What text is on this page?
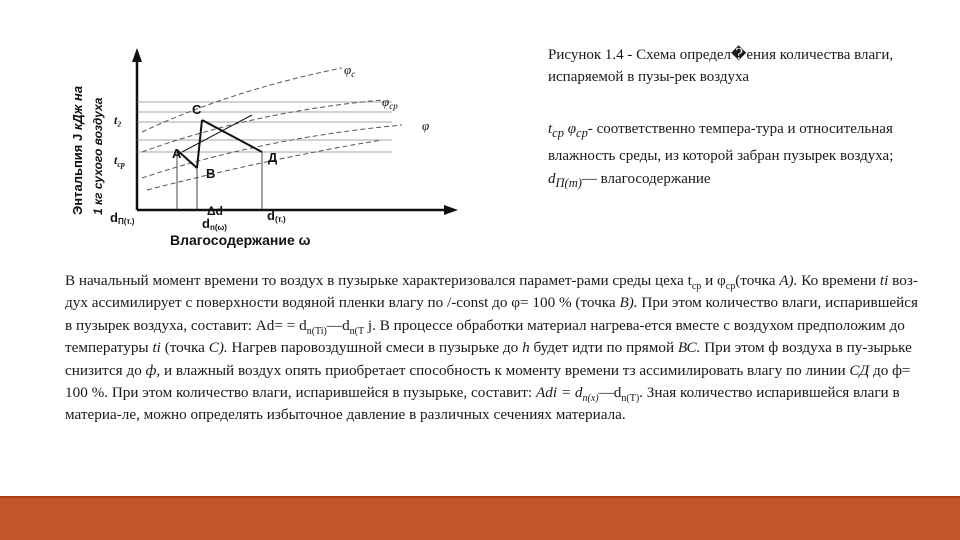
Энтальпия J кДж на 1 кг сухого воздуха
Влагосодержание ω
$\varphi_с$
$\varphi_{ср}$
φ
t₂
$t_{ср}$
С
A
В
Д
dП(т.)
Δd
dn(ω)
d(т.)
Рисунок 1.4 - Схема определ�ения количества влаги, испаряемой в пузы-рек воздуха
$t_{ср}$ $\varphi_{ср}-$ соответственно темпера-тура и относительная влажность среды, из которой забран пузырек воздуха; $d_{П(т)}—$ влагосодержание
В начальный момент времени то воздух в пузырьке характеризовался парамет-рами среды цеха $t_{ср}$ и $\varphi_{ср}(точка$ A). Ко времени ti воз-дух ассимилирует с поверхности водяной пленки влагу по /-const до φ= 100 % (точка В). При этом количество влаги, испарившейся в пузырек воздуха, составит: $Аd= = d_{n(Ti)}—d_{n(T}$ j. В процессе обработки материал нагрева-ется вместе с воздухом предположим до температуры ti (точка С). Нагрев паровоздушной смеси в пузырьке до h будет идти по прямой ВС. При этом ф воздуха в пу-зырьке снизится до ф, и влажный воздух опять приобретает способность к моменту времени тз ассимилировать влагу по линии СД до ф= 100 %. При этом количество влаги, испарившейся в пузырьке, составит: Adi = $d_{n(x)}—d_{n(T)}$. Зная количество испарившейся влаги в материа-ле, можно определять избыточное давление в различных сечениях материала.
